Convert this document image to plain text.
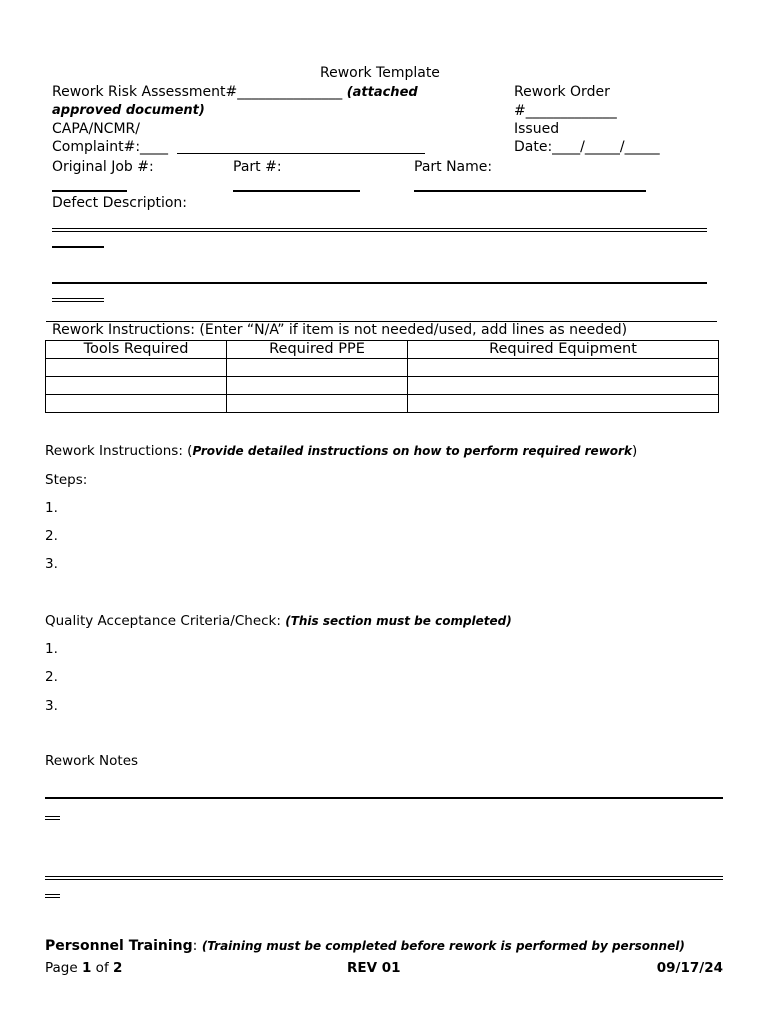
Rework Template
Rework Risk Assessment#_______________ (attached
approved document)
Rework Order
#_____________
CAPA/NCMR/
Complaint#:____
Issued
Date:____/_____/_____
Original Job #:	Part #:	Part Name:
Defect Description:
Rework Instructions: (Enter “N/A” if item is not needed/used, add lines as needed)
Tools Required	Required PPE	Required Equipment

Rework Instructions: (Provide detailed instructions on how to perform required rework)
Steps:
1.
2.
3.
Quality Acceptance Criteria/Check: (This section must be completed)
1.
2.
3.
Rework Notes
Personnel Training: (Training must be completed before rework is performed by personnel)
Page 1 of 2	REV 01	09/17/24
